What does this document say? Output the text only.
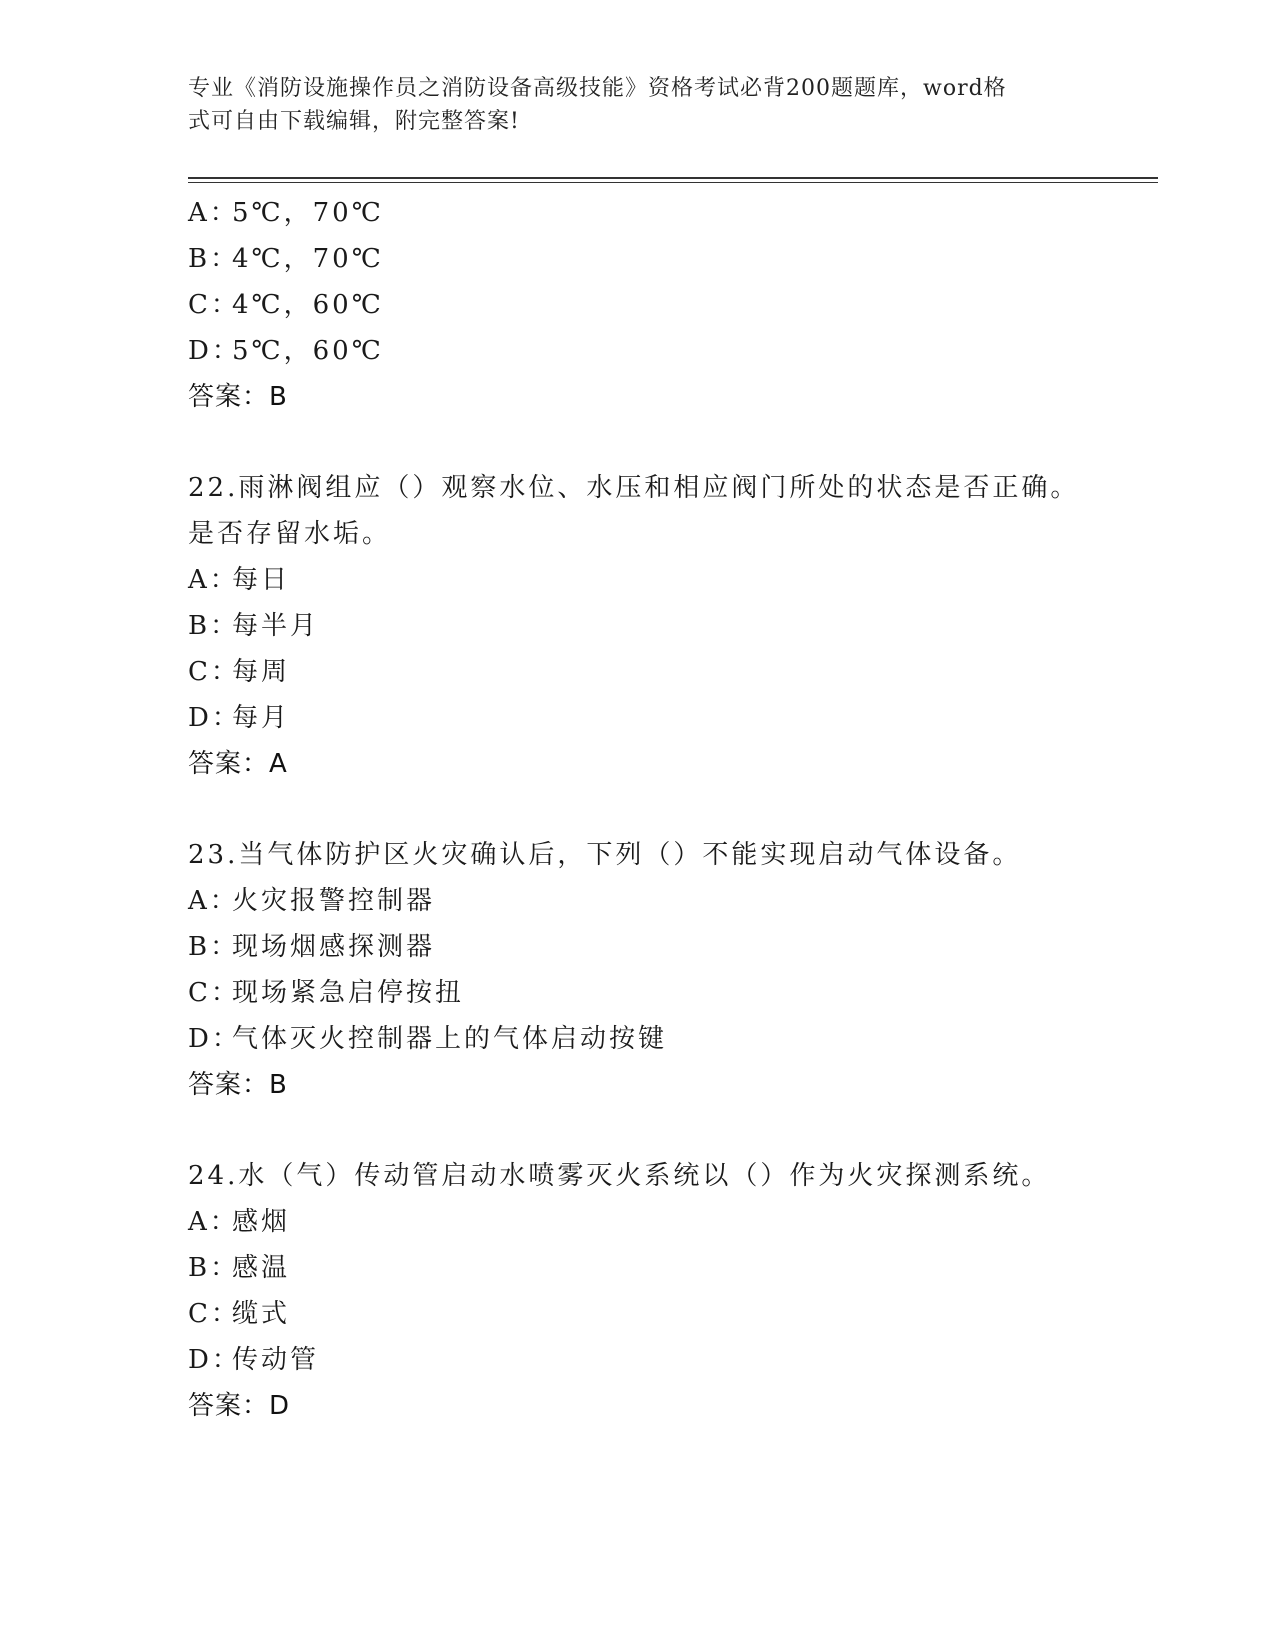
专业《消防设施操作员之消防设备高级技能》资格考试必背200题题库，word格
式可自由下载编辑，附完整答案!
A：5℃，70℃
B：4℃，70℃
C：4℃，60℃
D：5℃，60℃
答案：B
22.雨淋阀组应（）观察水位、水压和相应阀门所处的状态是否正确。
是否存留水垢。
A：每日
B：每半月
C：每周
D：每月
答案：A
23.当气体防护区火灾确认后，下列（）不能实现启动气体设备。
A：火灾报警控制器
B：现场烟感探测器
C：现场紧急启停按扭
D：气体灭火控制器上的气体启动按键
答案：B
24.水（气）传动管启动水喷雾灭火系统以（）作为火灾探测系统。
A：感烟
B：感温
C：缆式
D：传动管
答案：D
